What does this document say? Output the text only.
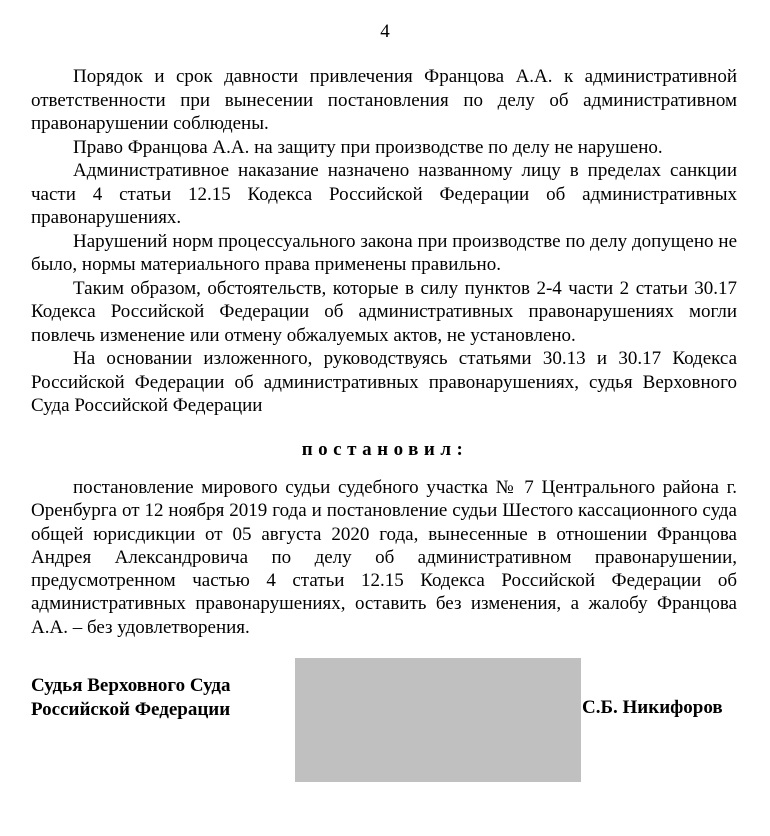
4

Порядок и срок давности привлечения Францова А.А. к административной ответственности при вынесении постановления по делу об административном правонарушении соблюдены.

Право Францова А.А. на защиту при производстве по делу не нарушено.

Административное наказание назначено названному лицу в пределах санкции части 4 статьи 12.15 Кодекса Российской Федерации об административных правонарушениях.

Нарушений норм процессуального закона при производстве по делу допущено не было, нормы материального права применены правильно.

Таким образом, обстоятельств, которые в силу пунктов 2-4 части 2 статьи 30.17 Кодекса Российской Федерации об административных правонарушениях могли повлечь изменение или отмену обжалуемых актов, не установлено.

На основании изложенного, руководствуясь статьями 30.13 и 30.17 Кодекса Российской Федерации об административных правонарушениях, судья Верховного Суда Российской Федерации

постановил:

постановление мирового судьи судебного участка № 7 Центрального района г. Оренбурга от 12 ноября 2019 года и постановление судьи Шестого кассационного суда общей юрисдикции от 05 августа 2020 года, вынесенные в отношении Францова Андрея Александровича по делу об административном правонарушении, предусмотренном частью 4 статьи 12.15 Кодекса Российской Федерации об административных правонарушениях, оставить без изменения, а жалобу Францова А.А. – без удовлетворения.

Судья Верховного Суда
Российской Федерации	С.Б. Никифоров
